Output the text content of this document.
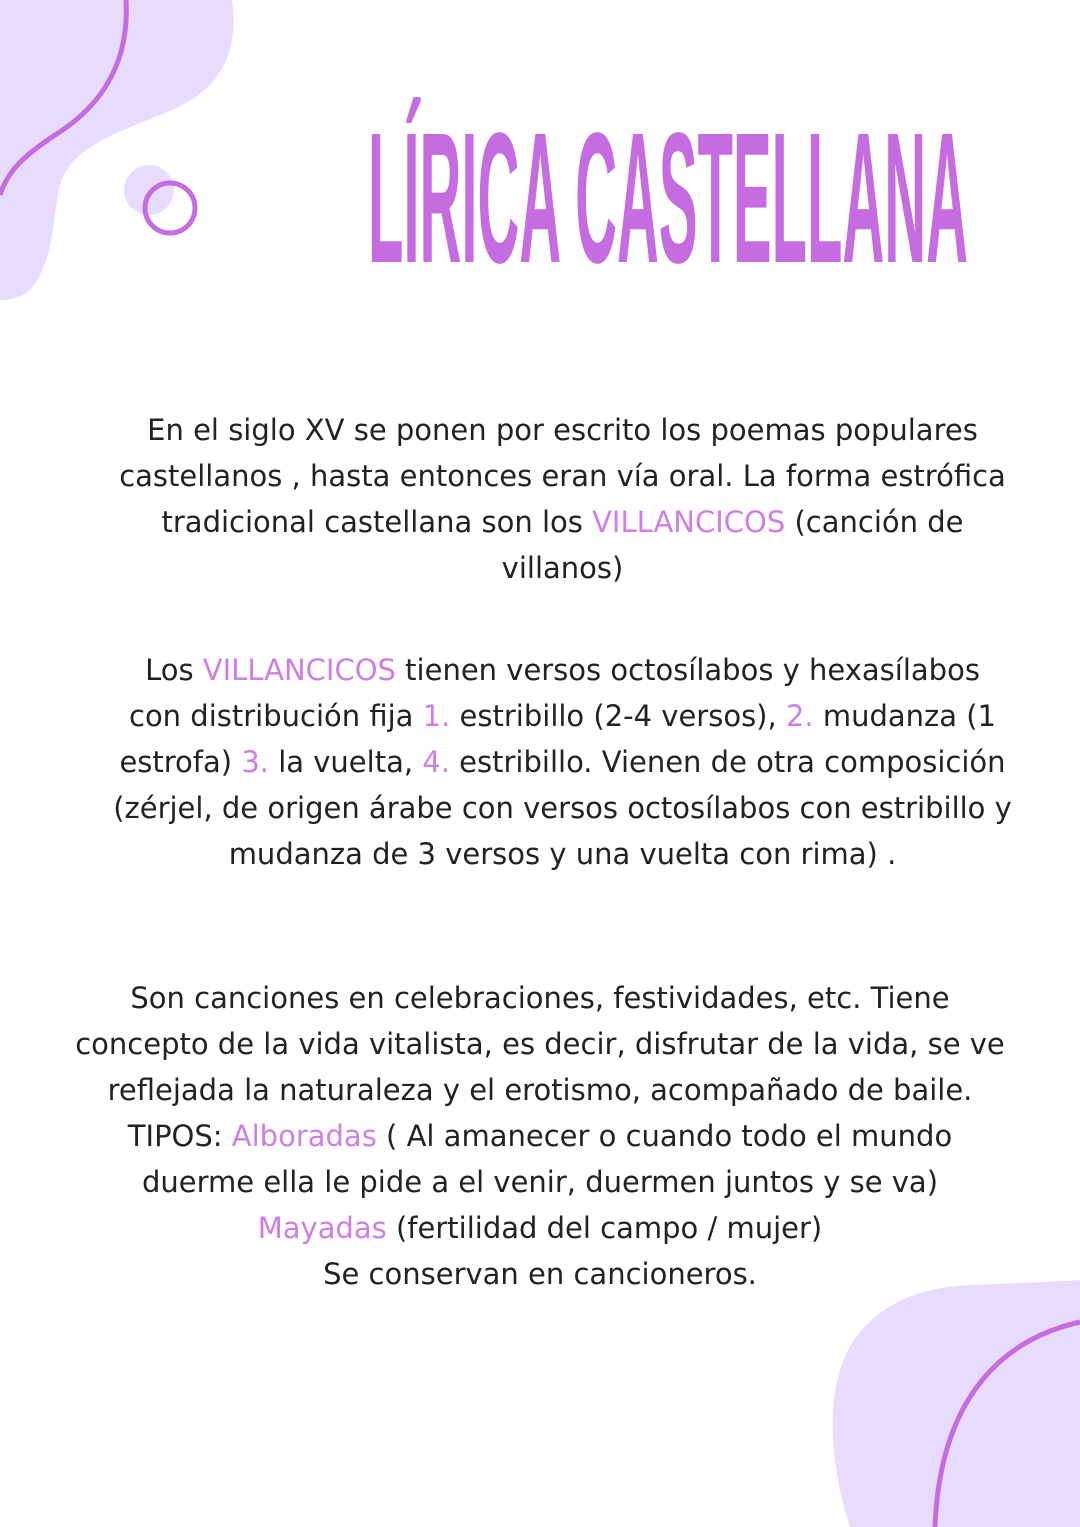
LÍRICA CASTELLANA
En el siglo XV se ponen por escrito los poemas populares
castellanos , hasta entonces eran vía oral. La forma estrófica
tradicional castellana son los VILLANCICOS (canción de
villanos)
Los VILLANCICOS tienen versos octosílabos y hexasílabos
con distribución fija 1. estribillo (2-4 versos), 2. mudanza (1
estrofa) 3. la vuelta, 4. estribillo. Vienen de otra composición
(zérjel, de origen árabe con versos octosílabos con estribillo y
mudanza de 3 versos y una vuelta con rima) .
Son canciones en celebraciones, festividades, etc. Tiene
concepto de la vida vitalista, es decir, disfrutar de la vida, se ve
reflejada la naturaleza y el erotismo, acompañado de baile.
TIPOS: Alboradas ( Al amanecer o cuando todo el mundo
duerme ella le pide a el venir, duermen juntos y se va)
Mayadas (fertilidad del campo / mujer)
Se conservan en cancioneros.
